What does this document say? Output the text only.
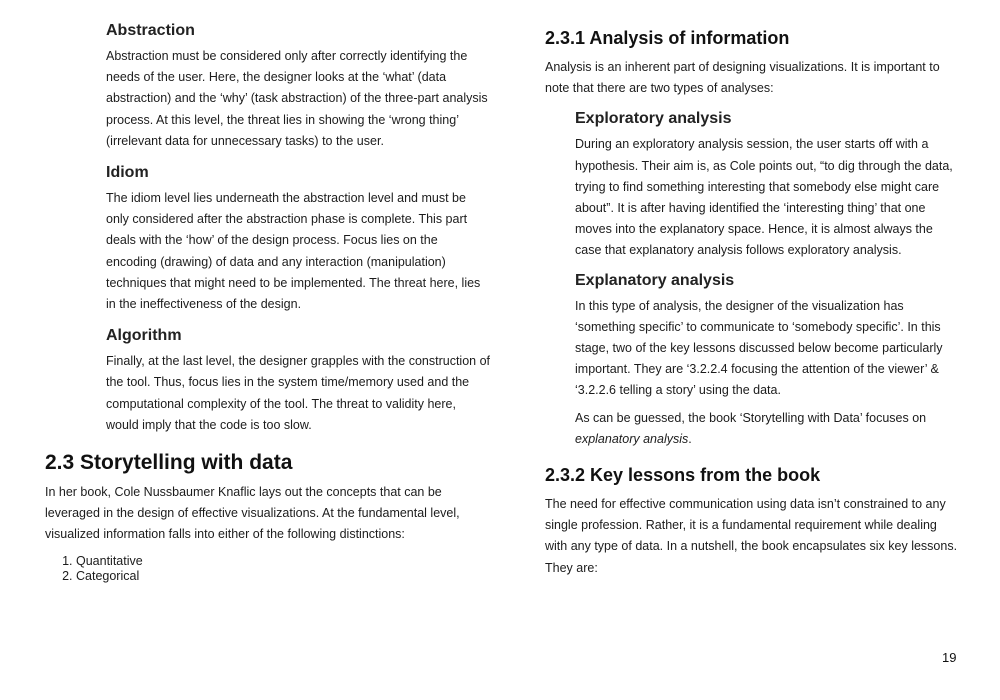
Abstraction

Abstraction must be considered only after correctly identifying the needs of the user. Here, the designer looks at the ‘what’ (data abstraction) and the ‘why’ (task abstraction) of the three-part analysis process. At this level, the threat lies in showing the ‘wrong thing’ (irrelevant data for unnecessary tasks) to the user.

Idiom

The idiom level lies underneath the abstraction level and must be only considered after the abstraction phase is complete. This part deals with the ‘how’ of the design process. Focus lies on the encoding (drawing) of data and any interaction (manipulation) techniques that might need to be implemented. The threat here, lies in the ineffectiveness of the design.

Algorithm

Finally, at the last level, the designer grapples with the construction of the tool. Thus, focus lies in the system time/memory used and the computational complexity of the tool. The threat to validity here, would imply that the code is too slow.

2.3 Storytelling with data

In her book, Cole Nussbaumer Knaflic lays out the concepts that can be leveraged in the design of effective visualizations. At the fundamental level, visualized information falls into either of the following distinctions:

1. Quantitative
2. Categorical
2.3.1 Analysis of information

Analysis is an inherent part of designing visualizations. It is important to note that there are two types of analyses:

Exploratory analysis

During an exploratory analysis session, the user starts off with a hypothesis. Their aim is, as Cole points out, “to dig through the data, trying to find something interesting that somebody else might care about”. It is after having identified the ‘interesting thing’ that one moves into the explanatory space. Hence, it is almost always the case that explanatory analysis follows exploratory analysis.

Explanatory analysis

In this type of analysis, the designer of the visualization has ‘something specific’ to communicate to ‘somebody specific’. In this stage, two of the key lessons discussed below become particularly important. They are ‘3.2.2.4 focusing the attention of the viewer’ & ‘3.2.2.6 telling a story’ using the data.

As can be guessed, the book ‘Storytelling with Data’ focuses on
explanatory analysis.

2.3.2 Key lessons from the book

The need for effective communication using data isn’t constrained to any single profession. Rather, it is a fundamental requirement while dealing with any type of data. In a nutshell, the book encapsulates six key lessons. They are:

19
